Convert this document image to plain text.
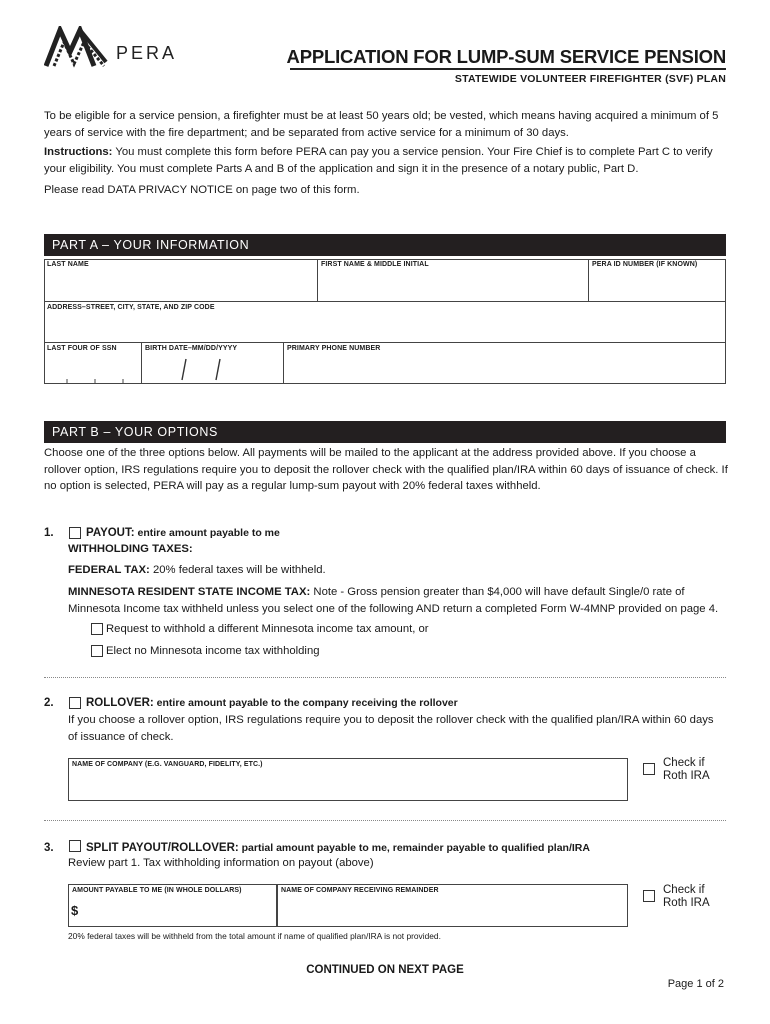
PERA	APPLICATION FOR LUMP-SUM SERVICE PENSION
STATEWIDE VOLUNTEER FIREFIGHTER (SVF) PLAN
To be eligible for a service pension, a firefighter must be at least 50 years old; be vested, which means having acquired a minimum of 5 years of service with the fire department; and be separated from active service for a minimum of 30 days.
Instructions: You must complete this form before PERA can pay you a service pension. Your Fire Chief is to complete Part C to verify your eligibility. You must complete Parts A and B of the application and sign it in the presence of a notary public, Part D.
Please read DATA PRIVACY NOTICE on page two of this form.
PART A – YOUR INFORMATION
LAST NAME	FIRST NAME & MIDDLE INITIAL	PERA ID NUMBER (IF KNOWN)
ADDRESS–STREET, CITY, STATE, AND ZIP CODE
LAST FOUR OF SSN	BIRTH DATE–MM/DD/YYYY	PRIMARY PHONE NUMBER
PART B – YOUR OPTIONS
Choose one of the three options below. All payments will be mailed to the applicant at the address provided above. If you choose a rollover option, IRS regulations require you to deposit the rollover check with the qualified plan/IRA within 60 days of issuance of check. If no option is selected, PERA will pay as a regular lump-sum payout with 20% federal taxes withheld.
1.	PAYOUT: entire amount payable to me
WITHHOLDING TAXES:
FEDERAL TAX: 20% federal taxes will be withheld.
MINNESOTA RESIDENT STATE INCOME TAX: Note - Gross pension greater than $4,000 will have default Single/0 rate of Minnesota Income tax withheld unless you select one of the following AND return a completed Form W-4MNP provided on page 4.
Request to withhold a different Minnesota income tax amount, or
Elect no Minnesota income tax withholding
2.	ROLLOVER: entire amount payable to the company receiving the rollover
If you choose a rollover option, IRS regulations require you to deposit the rollover check with the qualified plan/IRA within 60 days of issuance of check.
NAME OF COMPANY (E.G. VANGUARD, FIDELITY, ETC.)	Check if
Roth IRA
3.	SPLIT PAYOUT/ROLLOVER: partial amount payable to me, remainder payable to qualified plan/IRA
Review part 1. Tax withholding information on payout (above)
AMOUNT PAYABLE TO ME (IN WHOLE DOLLARS)
$
NAME OF COMPANY RECEIVING REMAINDER	Check if
Roth IRA
20% federal taxes will be withheld from the total amount if name of qualified plan/IRA is not provided.
CONTINUED ON NEXT PAGE
Page 1 of 2
